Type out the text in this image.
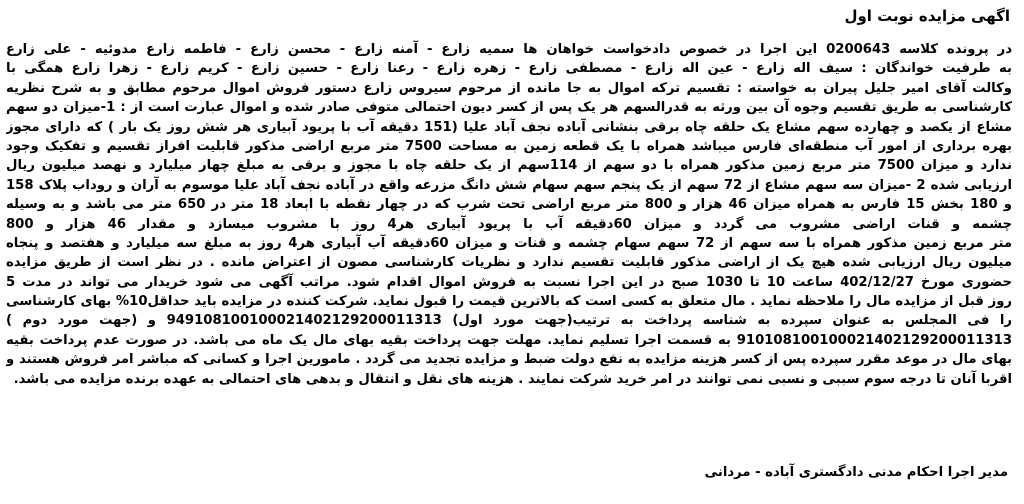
اگهی مزایده نوبت اول
در پرونده کلاسه 0200643 این اجرا در خصوص دادخواست خواهان ها سمیه زارع - آمنه زارع - محسن زارع - فاطمه زارع مدوئیه - علی زارع
به طرفیت خواندگان : سیف اله زارع - عین اله زارع - مصطفی زارع - زهره زارع - رعنا زارع - حسین زارع - کریم زارع - زهرا زارع همگی با
وکالت آقای امیر جلیل پیران به خواسته : تقسیم ترکه اموال به جا مانده از مرحوم سیروس زارع دستور فروش اموال مرحوم مطابق و به شرح نظریه
کارشناسی به طریق تقسیم وجوه آن بین ورثه به قدرالسهم هر یک پس از کسر دیون احتمالی متوفی صادر شده و اموال عبارت است از : 1-میزان دو سهم
مشاع از یکصد و چهارده سهم مشاع یک حلقه چاه برقی بنشانی آباده نجف آباد علیا (151 دقیقه آب با پریود آبیاری هر شش روز یک بار ) که دارای مجوز
بهره برداری از امور آب منطقه‌ای فارس میباشد همراه با یک قطعه زمین به مساحت 7500 متر مربع اراضی مذکور قابلیت افراز تقسیم و تفکیک وجود
ندارد و میزان 7500 متر مربع زمین مذکور همراه با دو سهم از 114سهم از یک حلقه چاه با مجوز و برقی به مبلغ چهار میلیارد و نهصد میلیون ریال
ارزیابی شده 2 -میزان سه سهم مشاع از 72 سهم از یک پنجم سهم سهام شش دانگ مزرعه واقع در آباده نجف آباد علیا موسوم به آران و روداب پلاک 158
و 180 بخش 15 فارس به همراه میزان 46 هزار و 800 متر مربع اراضی تحت شرب که در چهار نقطه با ابعاد 18 متر در 650 متر می باشد و به وسیله
چشمه و قنات اراضی مشروب می گردد و میزان 60دقیقه آب با پریود آبیاری هر4 روز با مشروب میسازد و مقدار 46 هزار و 800
متر مربع زمین مذکور همراه با سه سهم از 72 سهم سهام چشمه و قنات و میزان 60دقیقه آب آبیاری هر4 روز به مبلغ سه میلیارد و هفتصد و پنجاه
میلیون ریال ارزیابی شده هیچ یک از اراضی مذکور قابلیت تقسیم ندارد و نظریات کارشناسی مصون از اعتراض مانده . در نظر است از طریق مزایده
حضوری مورخ 402/12/27 ساعت 10 تا 1030 صبح در این اجرا نسبت به فروش اموال اقدام شود. مراتب آگهی می شود خریدار می تواند در مدت 5
روز قبل از مزایده مال را ملاحظه نماید . مال متعلق به کسی است که بالاترین قیمت را قبول نماید. شرکت کننده در مزایده باید حداقل10% بهای کارشناسی
را فی المجلس به عنوان سپرده به شناسه پرداخت به ترتیب(جهت مورد اول) 949108100100021402129200011313 و (جهت مورد دوم )
910108100100021402129200011313 به قسمت اجرا تسلیم نماید. مهلت جهت پرداخت بقیه بهای مال یک ماه می باشد. در صورت عدم پرداخت بقیه
بهای مال در موعد مقرر سپرده پس از کسر هزینه مزایده به نفع دولت ضبط و مزایده تجدید می گردد . مامورین اجرا و کسانی که مباشر امر فروش هستند و
اقربا آنان تا درجه سوم سببی و نسبی نمی توانند در امر خرید شرکت نمایند . هزینه های نقل و انتقال و بدهی های احتمالی به عهده برنده مزایده می باشد.
مدیر اجرا احکام مدنی دادگستری آباده - مردانی
